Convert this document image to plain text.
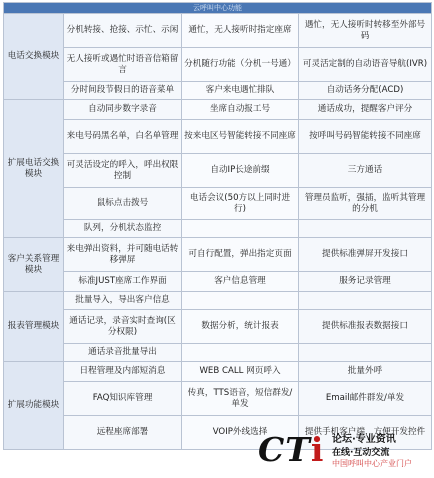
云呼叫中心功能			
电话交换模块	分机转接、抢接、示忙、示闲	通忙，无人接听时指定座席	遇忙，无人接听时转移至外部号码
	无人接听或遇忙时语音信箱留言	分机随行功能（分机一号通）	可灵活定制的自动语音导航(IVR)
	分时间段节假日的语音菜单	客户来电遇忙排队	自动话务分配(ACD)
扩展电话交换模块	自动同步数字录音	坐席自动报工号	通话成功，提醒客户评分
	来电号码黑名单，白名单管理	按来电区号智能转接不同座席	按呼叫号码智能转接不同座席
	可灵活设定的呼入，呼出权限控制	自动IP长途前缀	三方通话
	鼠标点击拨号	电话会议(50方以上同时进行)	管理员监听，强插，监听其管理的分机
	队列，分机状态监控		
客户关系管理模块	来电弹出资料，并可随电话转移弹屏	可自行配置，弹出指定页面	提供标准弹屏开发接口
	标准JUST座席工作界面	客户信息管理	服务记录管理
报表管理模块	批量导入，导出客户信息		
	通话记录，录音实时查询(区分权限)	数据分析，统计报表	提供标准报表数据接口
	通话录音批量导出		
扩展功能模块	日程管理及内部短消息	WEB CALL 网页呼入	批量外呼
	FAQ知识库管理	传真，TTS语音，短信群发/单发	Email邮件群发/单发
	远程座席部署	VOIP外线选择	提供手机客户端，方便开发控件
CTi 论坛·专业资讯
在线·互动交流
中国呼叫中心产业门户
